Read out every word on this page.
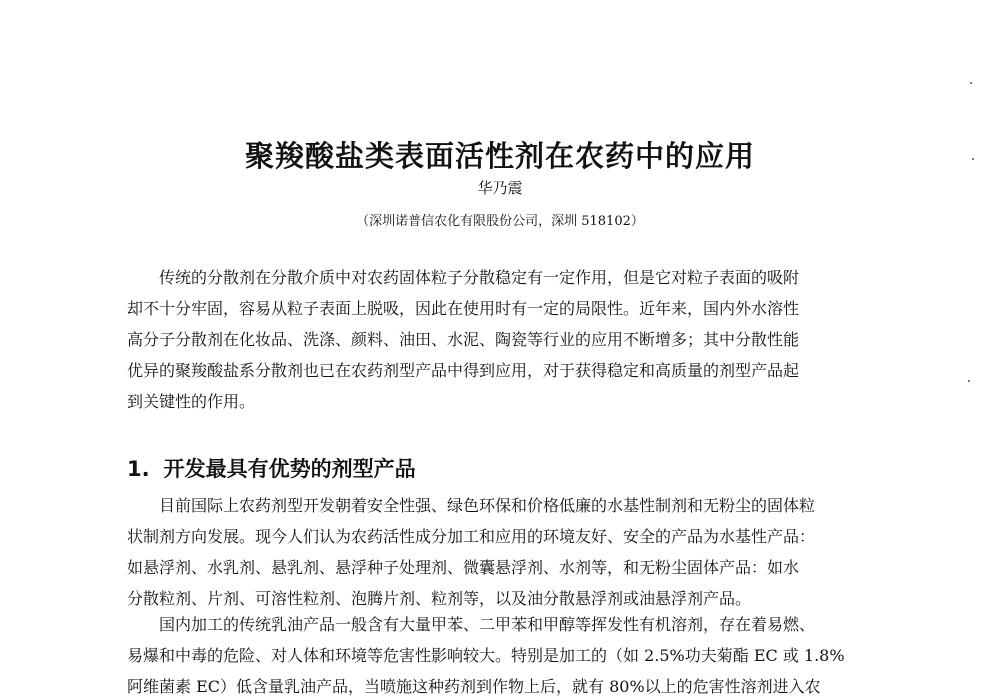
聚羧酸盐类表面活性剂在农药中的应用
华乃震
（深圳诺普信农化有限股份公司，深圳 518102）
传统的分散剂在分散介质中对农药固体粒子分散稳定有一定作用，但是它对粒子表面的吸附
却不十分牢固，容易从粒子表面上脱吸，因此在使用时有一定的局限性。近年来，国内外水溶性
高分子分散剂在化妆品、洗涤、颜料、油田、水泥、陶瓷等行业的应用不断增多；其中分散性能
优异的聚羧酸盐系分散剂也已在农药剂型产品中得到应用，对于获得稳定和高质量的剂型产品起
到关键性的作用。
1. 开发最具有优势的剂型产品
目前国际上农药剂型开发朝着安全性强、绿色环保和价格低廉的水基性制剂和无粉尘的固体粒
状制剂方向发展。现今人们认为农药活性成分加工和应用的环境友好、安全的产品为水基性产品：
如悬浮剂、水乳剂、悬乳剂、悬浮种子处理剂、微囊悬浮剂、水剂等，和无粉尘固体产品：如水
分散粒剂、片剂、可溶性粒剂、泡腾片剂、粒剂等，以及油分散悬浮剂或油悬浮剂产品。
国内加工的传统乳油产品一般含有大量甲苯、二甲苯和甲醇等挥发性有机溶剂，存在着易燃、
易爆和中毒的危险、对人体和环境等危害性影响较大。特别是加工的（如 2.5%功夫菊酯 EC 或 1.8%
阿维菌素 EC）低含量乳油产品，当喷施这种药剂到作物上后，就有 80%以上的危害性溶剂进入农
